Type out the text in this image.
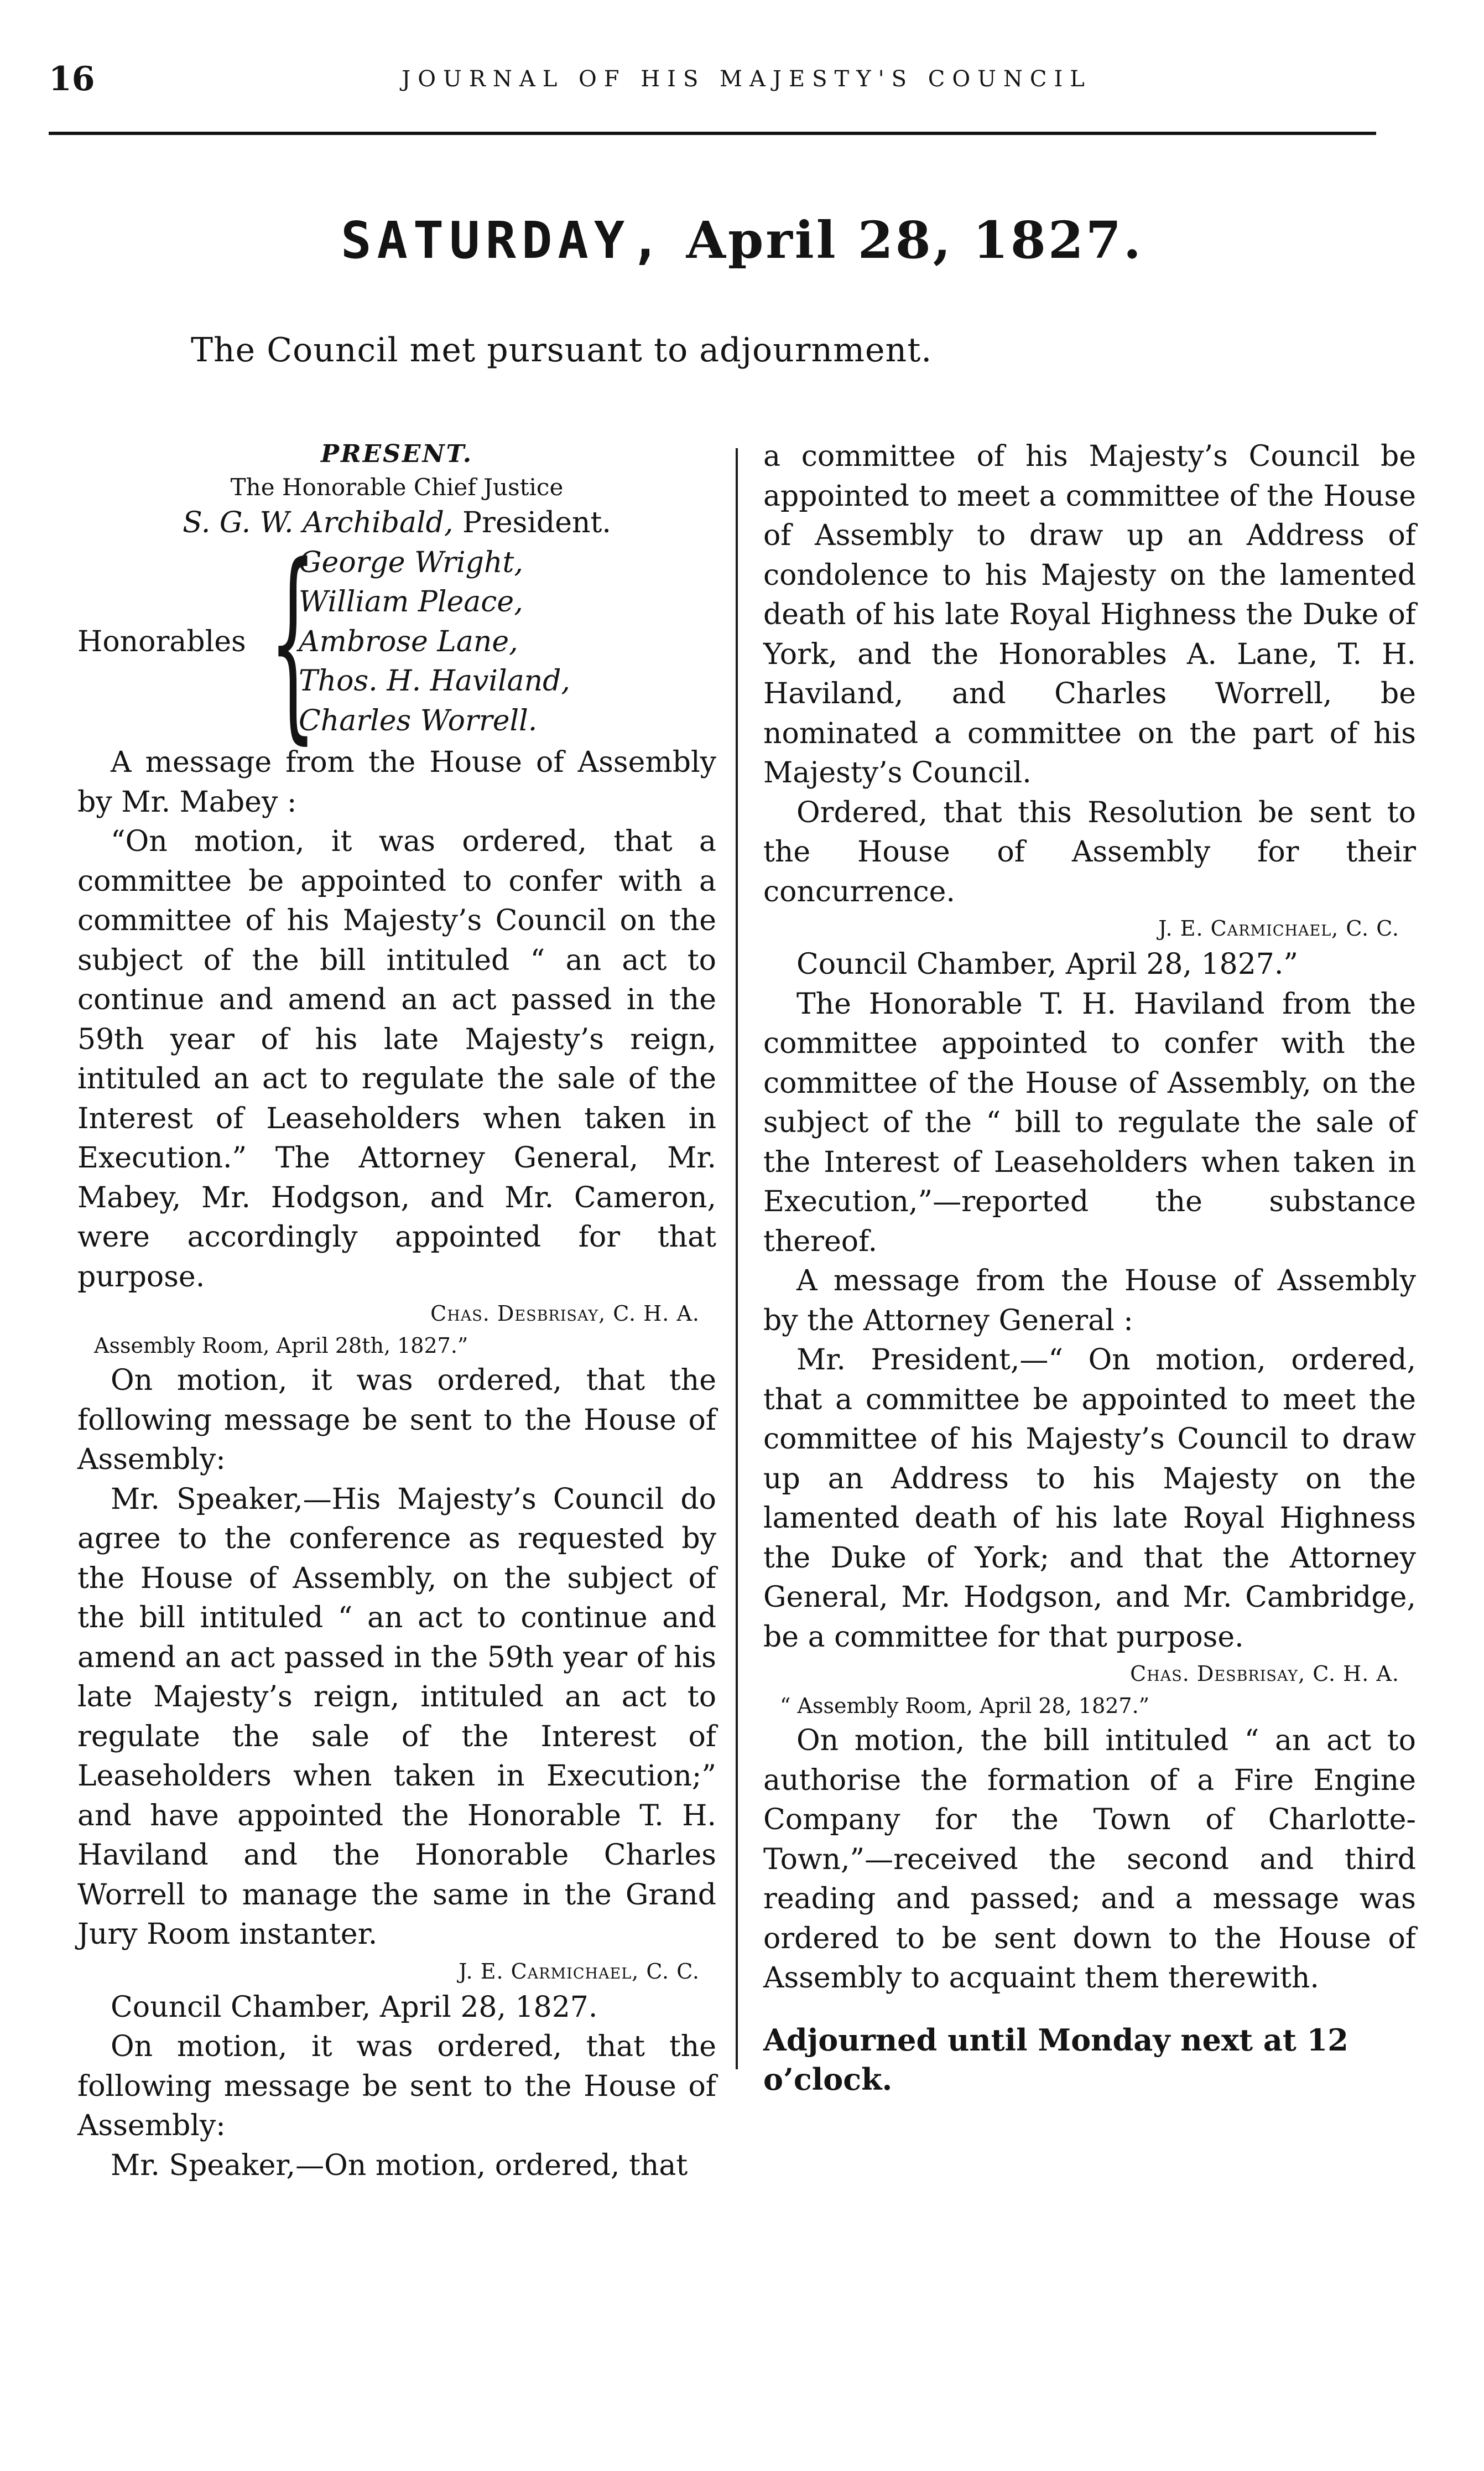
16	JOURNAL OF HIS MAJESTY'S COUNCIL
SATURDAY, April 28, 1827.
The Council met pursuant to adjournment.
PRESENT.
The Honorable Chief Justice
S. G. W. Archibald, President.
Honorables {
George Wright,
William Pleace,
Ambrose Lane,
Thos. H. Haviland,
Charles Worrell.

A message from the House of Assembly by Mr. Mabey :

“On motion, it was ordered, that a committee be appointed to confer with a committee of his Majesty’s Council on the subject of the bill intituled “ an act to continue and amend an act passed in the 59th year of his late Majesty’s reign, intituled an act to regulate the sale of the Interest of Leaseholders when taken in Execution.” The Attorney General, Mr. Mabey, Mr. Hodgson, and Mr. Cameron, were accordingly appointed for that purpose.

Chas. Desbrisay, C. H. A.

Assembly Room, April 28th, 1827.”

On motion, it was ordered, that the following message be sent to the House of Assembly:

Mr. Speaker,—His Majesty’s Council do agree to the conference as requested by the House of Assembly, on the subject of the bill intituled “ an act to continue and amend an act passed in the 59th year of his late Majesty’s reign, intituled an act to regulate the sale of the Interest of Leaseholders when taken in Execution;” and have appointed the Honorable T. H. Haviland and the Honorable Charles Worrell to manage the same in the Grand Jury Room instanter.

J. E. Carmichael, C. C.

Council Chamber, April 28, 1827.

On motion, it was ordered, that the following message be sent to the House of Assembly:

Mr. Speaker,—On motion, ordered, that

a committee of his Majesty’s Council be appointed to meet a committee of the House of Assembly to draw up an Address of condolence to his Majesty on the lamented death of his late Royal Highness the Duke of York, and the Honorables A. Lane, T. H. Haviland, and Charles Worrell, be nominated a committee on the part of his Majesty’s Council.

Ordered, that this Resolution be sent to the House of Assembly for their concurrence.

J. E. Carmichael, C. C.

Council Chamber, April 28, 1827.”

The Honorable T. H. Haviland from the committee appointed to confer with the committee of the House of Assembly, on the subject of the “ bill to regulate the sale of the Interest of Leaseholders when taken in Execution,”—reported the substance thereof.

A message from the House of Assembly by the Attorney General :

Mr. President,—“ On motion, ordered, that a committee be appointed to meet the committee of his Majesty’s Council to draw up an Address to his Majesty on the lamented death of his late Royal Highness the Duke of York; and that the Attorney General, Mr. Hodgson, and Mr. Cambridge, be a committee for that purpose.

Chas. Desbrisay, C. H. A.

“ Assembly Room, April 28, 1827.”

On motion, the bill intituled “ an act to authorise the formation of a Fire Engine Company for the Town of Charlotte-Town,”—received the second and third reading and passed; and a message was ordered to be sent down to the House of Assembly to acquaint them therewith.

Adjourned until Monday next at 12 o’clock.
